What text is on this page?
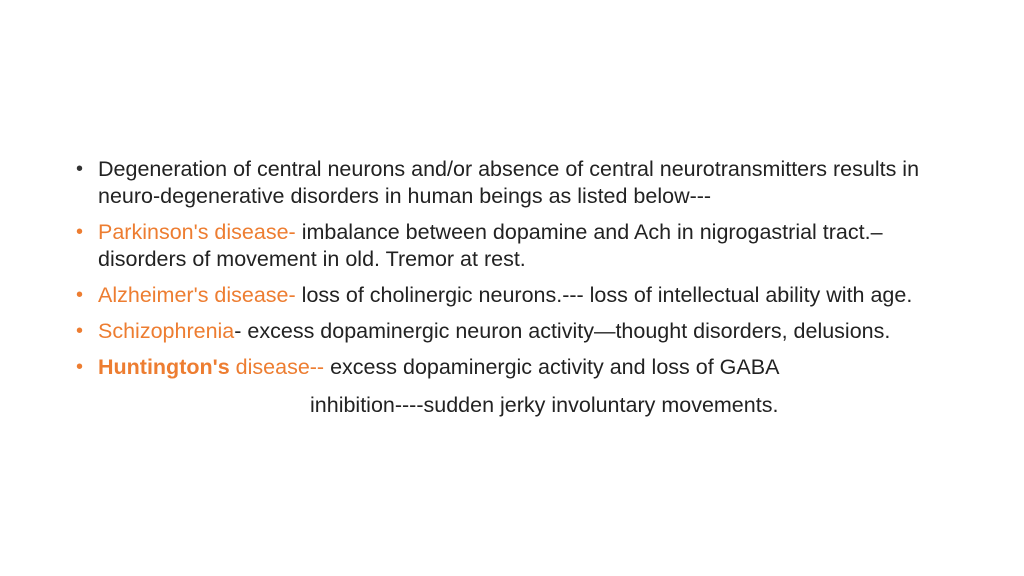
• Degeneration of central neurons and/or absence of central neurotransmitters results in neuro-degenerative disorders in human beings as listed below---
• Parkinson's disease- imbalance between dopamine and Ach in nigrogastrial tract.– disorders of movement in old. Tremor at rest.
• Alzheimer's disease- loss of cholinergic neurons.--- loss of intellectual ability with age.
• Schizophrenia- excess dopaminergic neuron activity—thought disorders, delusions.
• Huntington's disease-- excess dopaminergic activity and loss of GABA
inhibition----sudden jerky involuntary movements.
